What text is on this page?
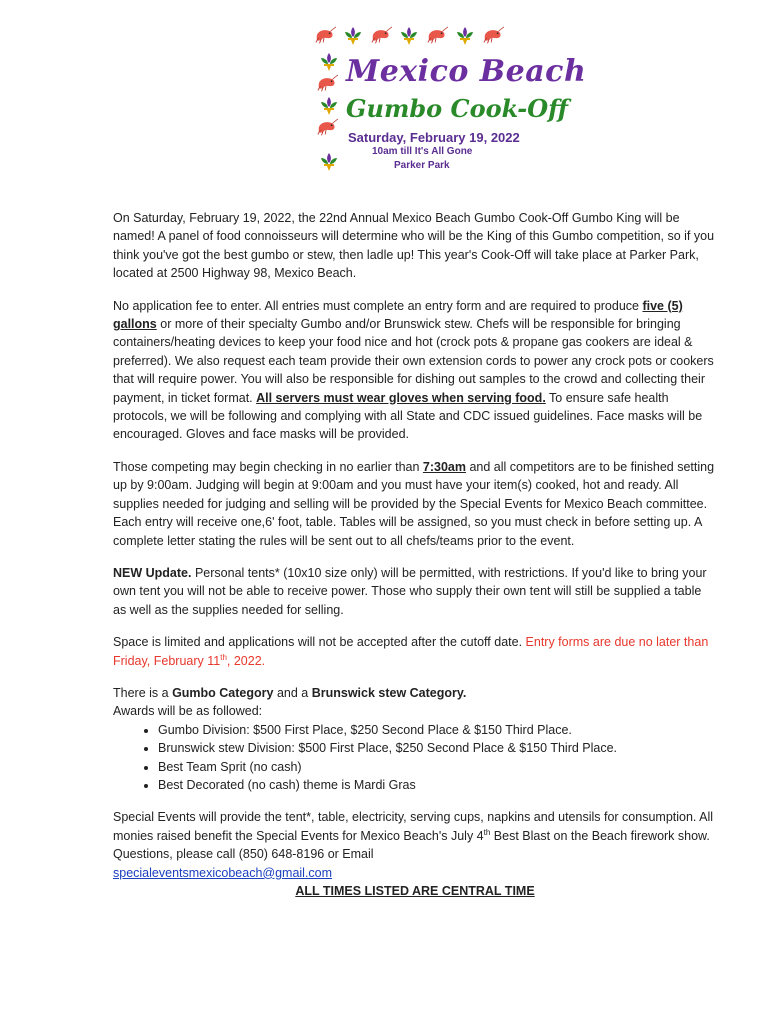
Mexico Beach
Gumbo Cook-Off
Saturday, February 19, 2022
10am till It's All Gone
Parker Park

On Saturday, February 19, 2022, the 22nd Annual Mexico Beach Gumbo Cook-Off Gumbo King will be named! A panel of food connoisseurs will determine who will be the King of this Gumbo competition, so if you think you've got the best gumbo or stew, then ladle up! This year's Cook-Off will take place at Parker Park, located at 2500 Highway 98, Mexico Beach.

No application fee to enter. All entries must complete an entry form and are required to produce five (5) gallons or more of their specialty Gumbo and/or Brunswick stew. Chefs will be responsible for bringing containers/heating devices to keep your food nice and hot (crock pots & propane gas cookers are ideal & preferred). We also request each team provide their own extension cords to power any crock pots or cookers that will require power. You will also be responsible for dishing out samples to the crowd and collecting their payment, in ticket format. All servers must wear gloves when serving food. To ensure safe health protocols, we will be following and complying with all State and CDC issued guidelines. Face masks will be encouraged. Gloves and face masks will be provided.

Those competing may begin checking in no earlier than 7:30am and all competitors are to be finished setting up by 9:00am. Judging will begin at 9:00am and you must have your item(s) cooked, hot and ready. All supplies needed for judging and selling will be provided by the Special Events for Mexico Beach committee. Each entry will receive one,6' foot, table. Tables will be assigned, so you must check in before setting up. A complete letter stating the rules will be sent out to all chefs/teams prior to the event.

NEW Update. Personal tents* (10x10 size only) will be permitted, with restrictions. If you'd like to bring your own tent you will not be able to receive power. Those who supply their own tent will still be supplied a table as well as the supplies needed for selling.

Space is limited and applications will not be accepted after the cutoff date. Entry forms are due no later than Friday, February 11th, 2022.

There is a Gumbo Category and a Brunswick stew Category.
Awards will be as followed:

• Gumbo Division: $500 First Place, $250 Second Place & $150 Third Place.
• Brunswick stew Division: $500 First Place, $250 Second Place & $150 Third Place.
• Best Team Sprit (no cash)
• Best Decorated (no cash) theme is Mardi Gras

Special Events will provide the tent*, table, electricity, serving cups, napkins and utensils for consumption. All monies raised benefit the Special Events for Mexico Beach's July 4th Best Blast on the Beach firework show. Questions, please call (850) 648-8196 or Email
specialeventsmexicobeach@gmail.com

ALL TIMES LISTED ARE CENTRAL TIME
